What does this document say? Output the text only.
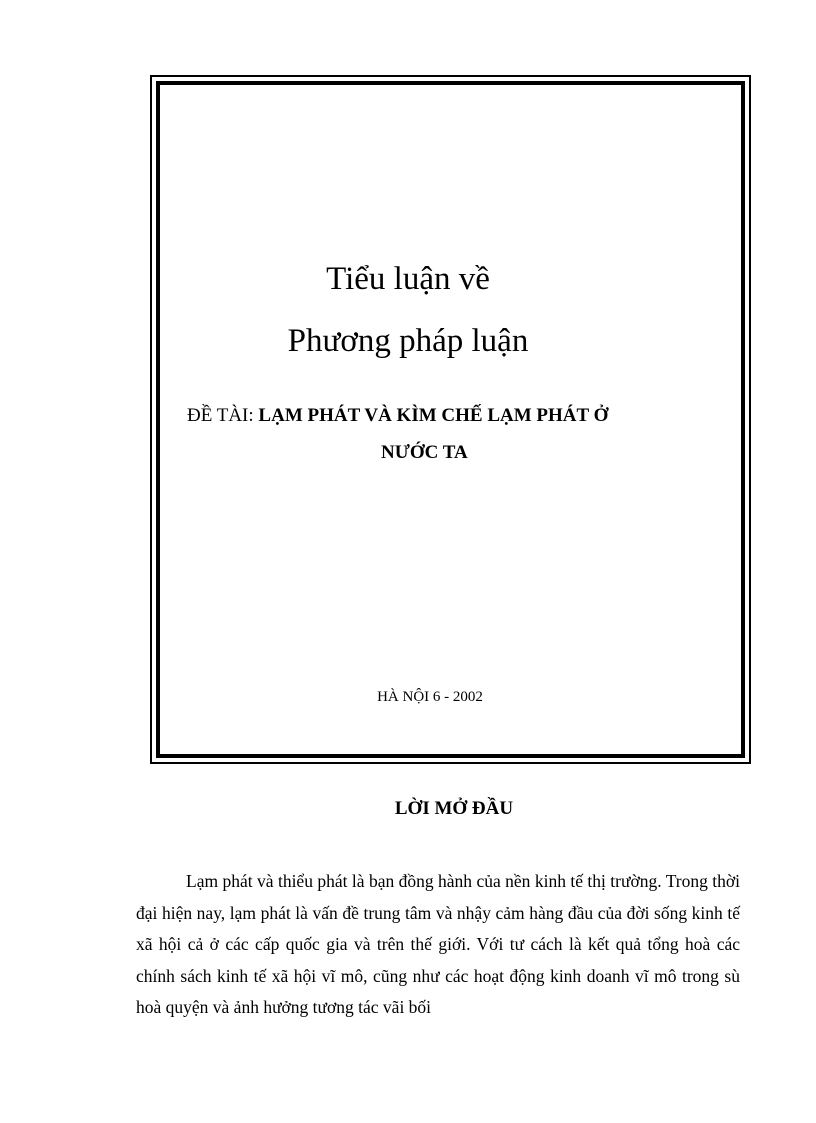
Tiểu luận về
Phương pháp luận
ĐỀ TÀI: LẠM PHÁT VÀ KÌM CHẾ LẠM PHÁT Ở
NƯỚC TA
HÀ NỘI 6 - 2002
LỜI MỞ ĐẦU

Lạm phát và thiểu phát là bạn đồng hành của nền kinh tế thị trường. Trong thời đại hiện nay, lạm phát là vấn đề trung tâm và nhậy cảm hàng đầu của đời sống kinh tế xã hội cả ở các cấp quốc gia và trên thế giới. Với tư cách là kết quả tổng hoà các chính sách kinh tế xã hội vĩ mô, cũng như các hoạt động kinh doanh vĩ mô trong sù hoà quyện và ảnh hưởng tương tác vãi bối
